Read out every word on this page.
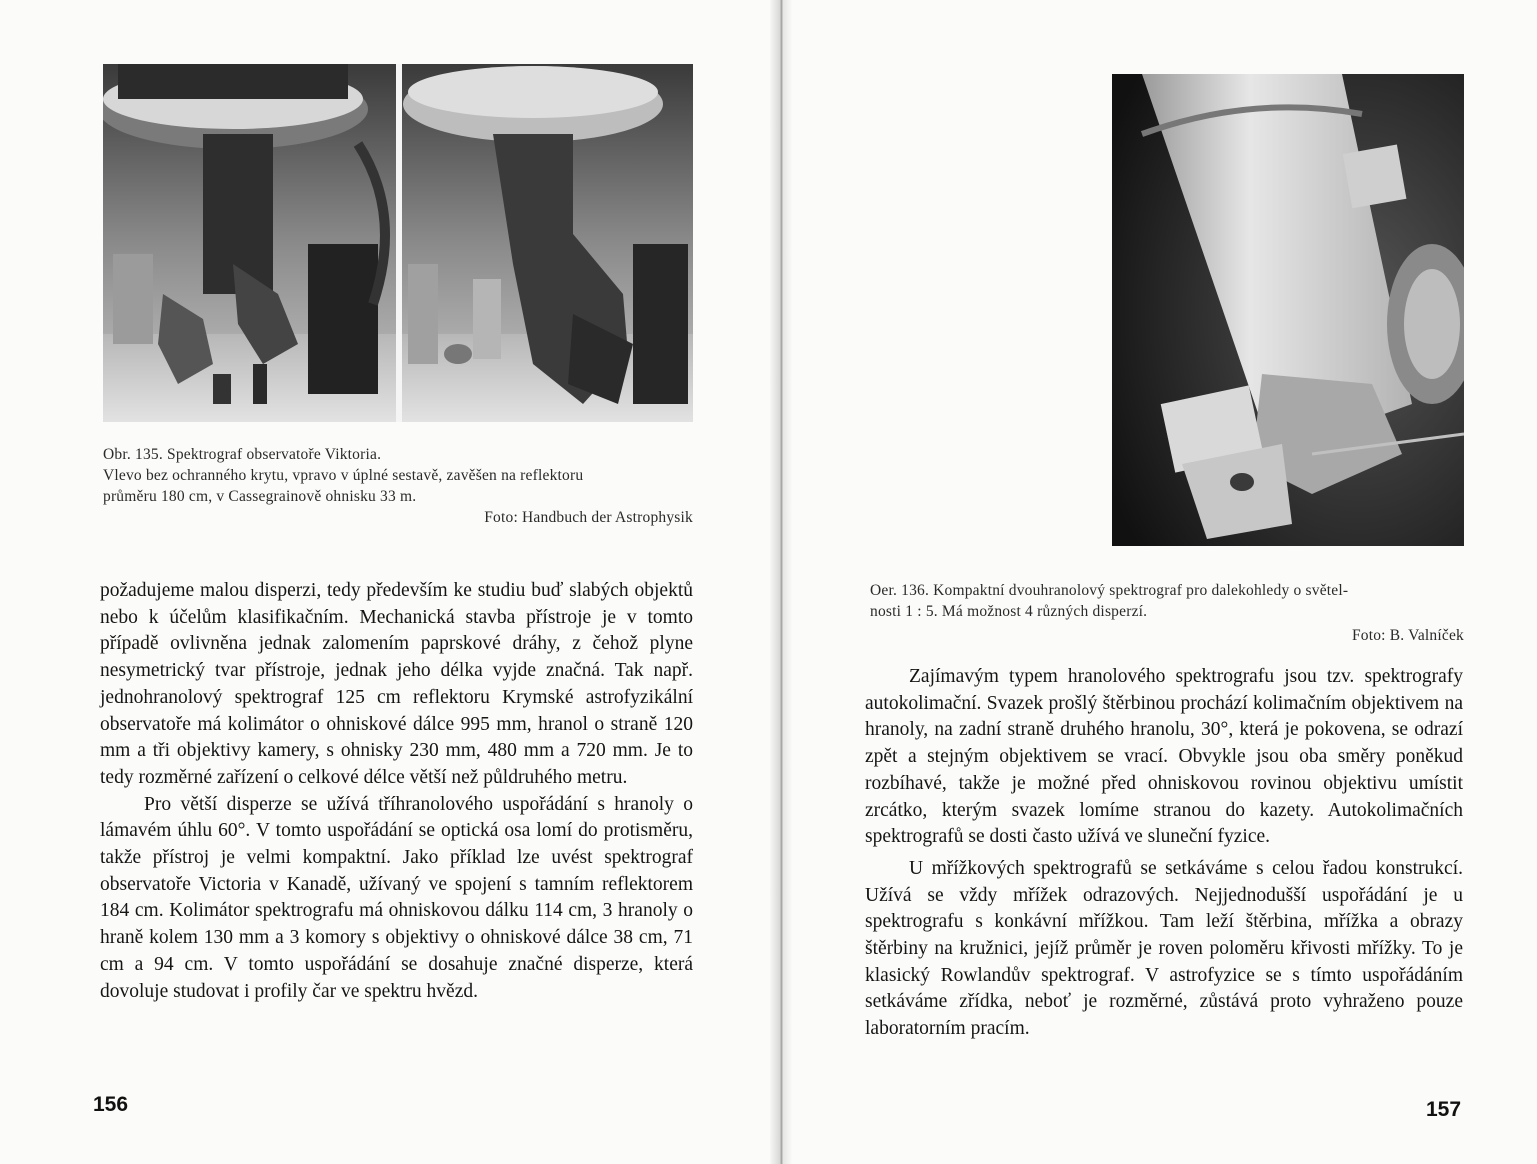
Obr. 135. Spektrograf observatoře Viktoria.

Vlevo bez ochranného krytu, vpravo v úplné sestavě, zavěšen na reflektoru

průměru 180 cm, v Cassegrainově ohnisku 33 m.

Foto: Handbuch der Astrophysik

požadujeme malou disperzi, tedy především ke studiu buď slabých objektů nebo k účelům klasifikačním. Mechanická stavba přístroje je v tomto případě ovlivněna jednak zalomením paprskové dráhy, z čehož plyne nesymetrický tvar přístroje, jednak jeho délka vyjde značná. Tak např. jednohranolový spektrograf 125 cm reflektoru Krymské astrofyzikální observatoře má kolimátor o ohniskové dálce 995 mm, hranol o straně 120 mm a tři objektivy kamery, s ohnisky 230 mm, 480 mm a 720 mm. Je to tedy rozměrné zařízení o celkové délce větší než půldruhého metru.

Pro větší disperze se užívá tříhranolového uspořádání s hranoly o lámavém úhlu 60°. V tomto uspořádání se optická osa lomí do protisměru, takže přístroj je velmi kompaktní. Jako příklad lze uvést spektrograf observatoře Victoria v Kanadě, užívaný ve spojení s tamním reflektorem 184 cm. Kolimátor spektrografu má ohniskovou dálku 114 cm, 3 hranoly o hraně kolem 130 mm a 3 komory s objektivy o ohniskové dálce 38 cm, 71 cm a 94 cm. V tomto uspořádání se dosahuje značné disperze, která dovoluje studovat i profily čar ve spektru hvězd.

156

Oer. 136. Kompaktní dvouhranolový spektrograf pro dalekohledy o světel-

nosti 1 : 5. Má možnost 4 různých disperzí.

Foto: B. Valníček

Zajímavým typem hranolového spektrografu jsou tzv. spektrografy autokolimační. Svazek prošlý štěrbinou prochází kolimačním objektivem na hranoly, na zadní straně druhého hranolu, 30°, která je pokovena, se odrazí zpět a stejným objektivem se vrací. Obvykle jsou oba směry poněkud rozbíhavé, takže je možné před ohniskovou rovinou objektivu umístit zrcátko, kterým svazek lomíme stranou do kazety. Autokolimačních spektrografů se dosti často užívá ve sluneční fyzice.

U mřížkových spektrografů se setkáváme s celou řadou konstrukcí. Užívá se vždy mřížek odrazových. Nejjednodušší uspořádání je u spektrografu s konkávní mřížkou. Tam leží štěrbina, mřížka a obrazy štěrbiny na kružnici, jejíž průměr je roven poloměru křivosti mřížky. To je klasický Rowlandův spektrograf. V astrofyzice se s tímto uspořádáním setkáváme zřídka, neboť je rozměrné, zůstává proto vyhraženo pouze laboratorním pracím.

157
